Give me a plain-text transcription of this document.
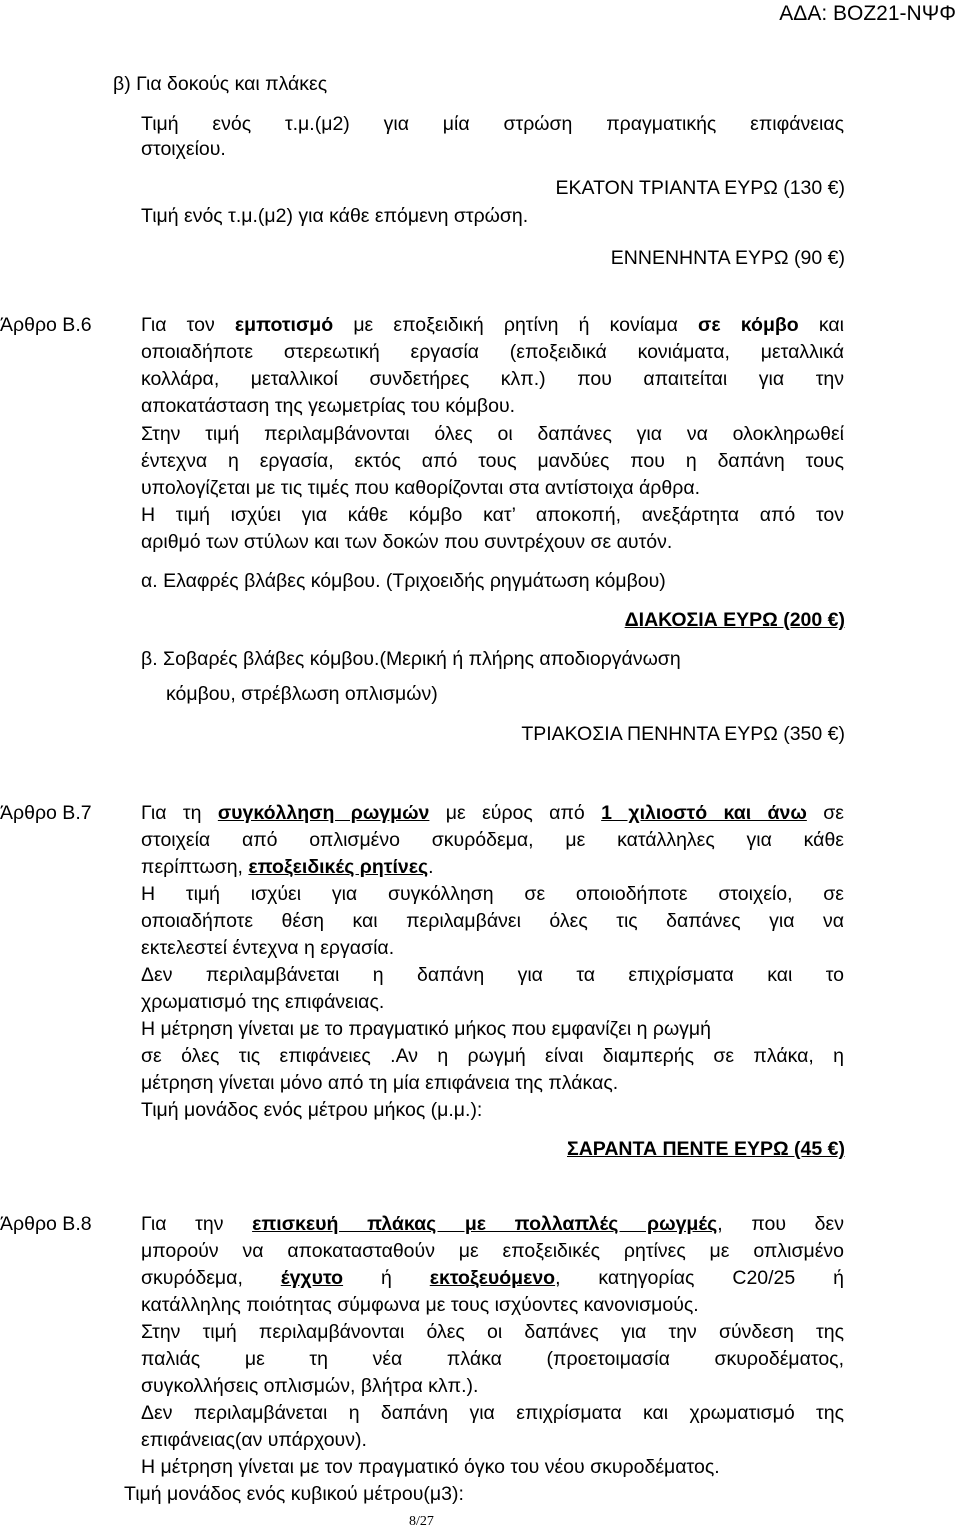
ΑΔΑ: ΒΟΖ21-ΝΨΦ
β) Για δοκούς και πλάκες
Τιμή ενός τ.μ.(μ2) για μία στρώση πραγματικής επιφάνειας
στοιχείου.
ΕΚΑΤΟΝ ΤΡΙΑΝΤΑ ΕΥΡΩ (130 €)
Τιμή ενός τ.μ.(μ2) για κάθε επόμενη στρώση.
ΕΝΝΕΝΗΝΤΑ ΕΥΡΩ (90 €)
Άρθρο Β.6	Για τον εμποτισμό με εποξειδική ρητίνη ή κονίαμα σε κόμβο και
οποιαδήποτε στερεωτική εργασία (εποξειδικά κονιάματα, μεταλλικά
κολλάρα, μεταλλικοί συνδετήρες κλπ.) που απαιτείται για την
αποκατάσταση της γεωμετρίας του κόμβου.
Στην τιμή περιλαμβάνονται όλες οι δαπάνες για να ολοκληρωθεί
έντεχνα η εργασία, εκτός από τους μανδύες που η δαπάνη τους
υπολογίζεται με τις τιμές που καθορίζονται στα αντίστοιχα άρθρα.
Η τιμή ισχύει για κάθε κόμβο κατ’ αποκοπή, ανεξάρτητα από τον
αριθμό των στύλων και των δοκών που συντρέχουν σε αυτόν.
α. Ελαφρές βλάβες κόμβου. (Τριχοειδής ρηγμάτωση κόμβου)
ΔΙΑΚΟΣΙΑ ΕΥΡΩ (200 €)
β. Σοβαρές βλάβες κόμβου.(Μερική ή πλήρης αποδιοργάνωση
κόμβου, στρέβλωση οπλισμών)
ΤΡΙΑΚΟΣΙΑ ΠΕΝΗΝΤΑ ΕΥΡΩ (350 €)
Άρθρο Β.7	Για τη συγκόλληση ρωγμών με εύρος από 1 χιλιοστό και άνω σε
στοιχεία από οπλισμένο σκυρόδεμα, με κατάλληλες για κάθε
περίπτωση, εποξειδικές ρητίνες.
Η τιμή ισχύει για συγκόλληση σε οποιοδήποτε στοιχείο, σε
οποιαδήποτε θέση και περιλαμβάνει όλες τις δαπάνες για να
εκτελεστεί έντεχνα η εργασία.
Δεν περιλαμβάνεται η δαπάνη για τα επιχρίσματα και το
χρωματισμό της επιφάνειας.
Η μέτρηση γίνεται με το πραγματικό μήκος που εμφανίζει η ρωγμή
σε όλες τις επιφάνειες .Αν η ρωγμή είναι διαμπερής σε πλάκα, η
μέτρηση γίνεται μόνο από τη μία επιφάνεια της πλάκας.
Τιμή μονάδος ενός μέτρου μήκος (μ.μ.):
ΣΑΡΑΝΤΑ ΠΕΝΤΕ ΕΥΡΩ (45 €)
Άρθρο Β.8	Για την επισκευή πλάκας με πολλαπλές ρωγμές, που δεν
μπορούν να αποκατασταθούν με εποξειδικές ρητίνες με οπλισμένο
σκυρόδεμα, έγχυτο ή εκτοξευόμενο, κατηγορίας C20/25 ή
κατάλληλης ποιότητας σύμφωνα με τους ισχύοντες κανονισμούς.
Στην τιμή περιλαμβάνονται όλες οι δαπάνες για την σύνδεση της
παλιάς με τη νέα πλάκα (προετοιμασία σκυροδέματος,
συγκολλήσεις οπλισμών, βλήτρα κλπ.).
Δεν περιλαμβάνεται η δαπάνη για επιχρίσματα και χρωματισμό της
επιφάνειας(αν υπάρχουν).
Η μέτρηση γίνεται με τον πραγματικό όγκο του νέου σκυροδέματος.
Τιμή μονάδος ενός κυβικού μέτρου(μ3):
8/27
